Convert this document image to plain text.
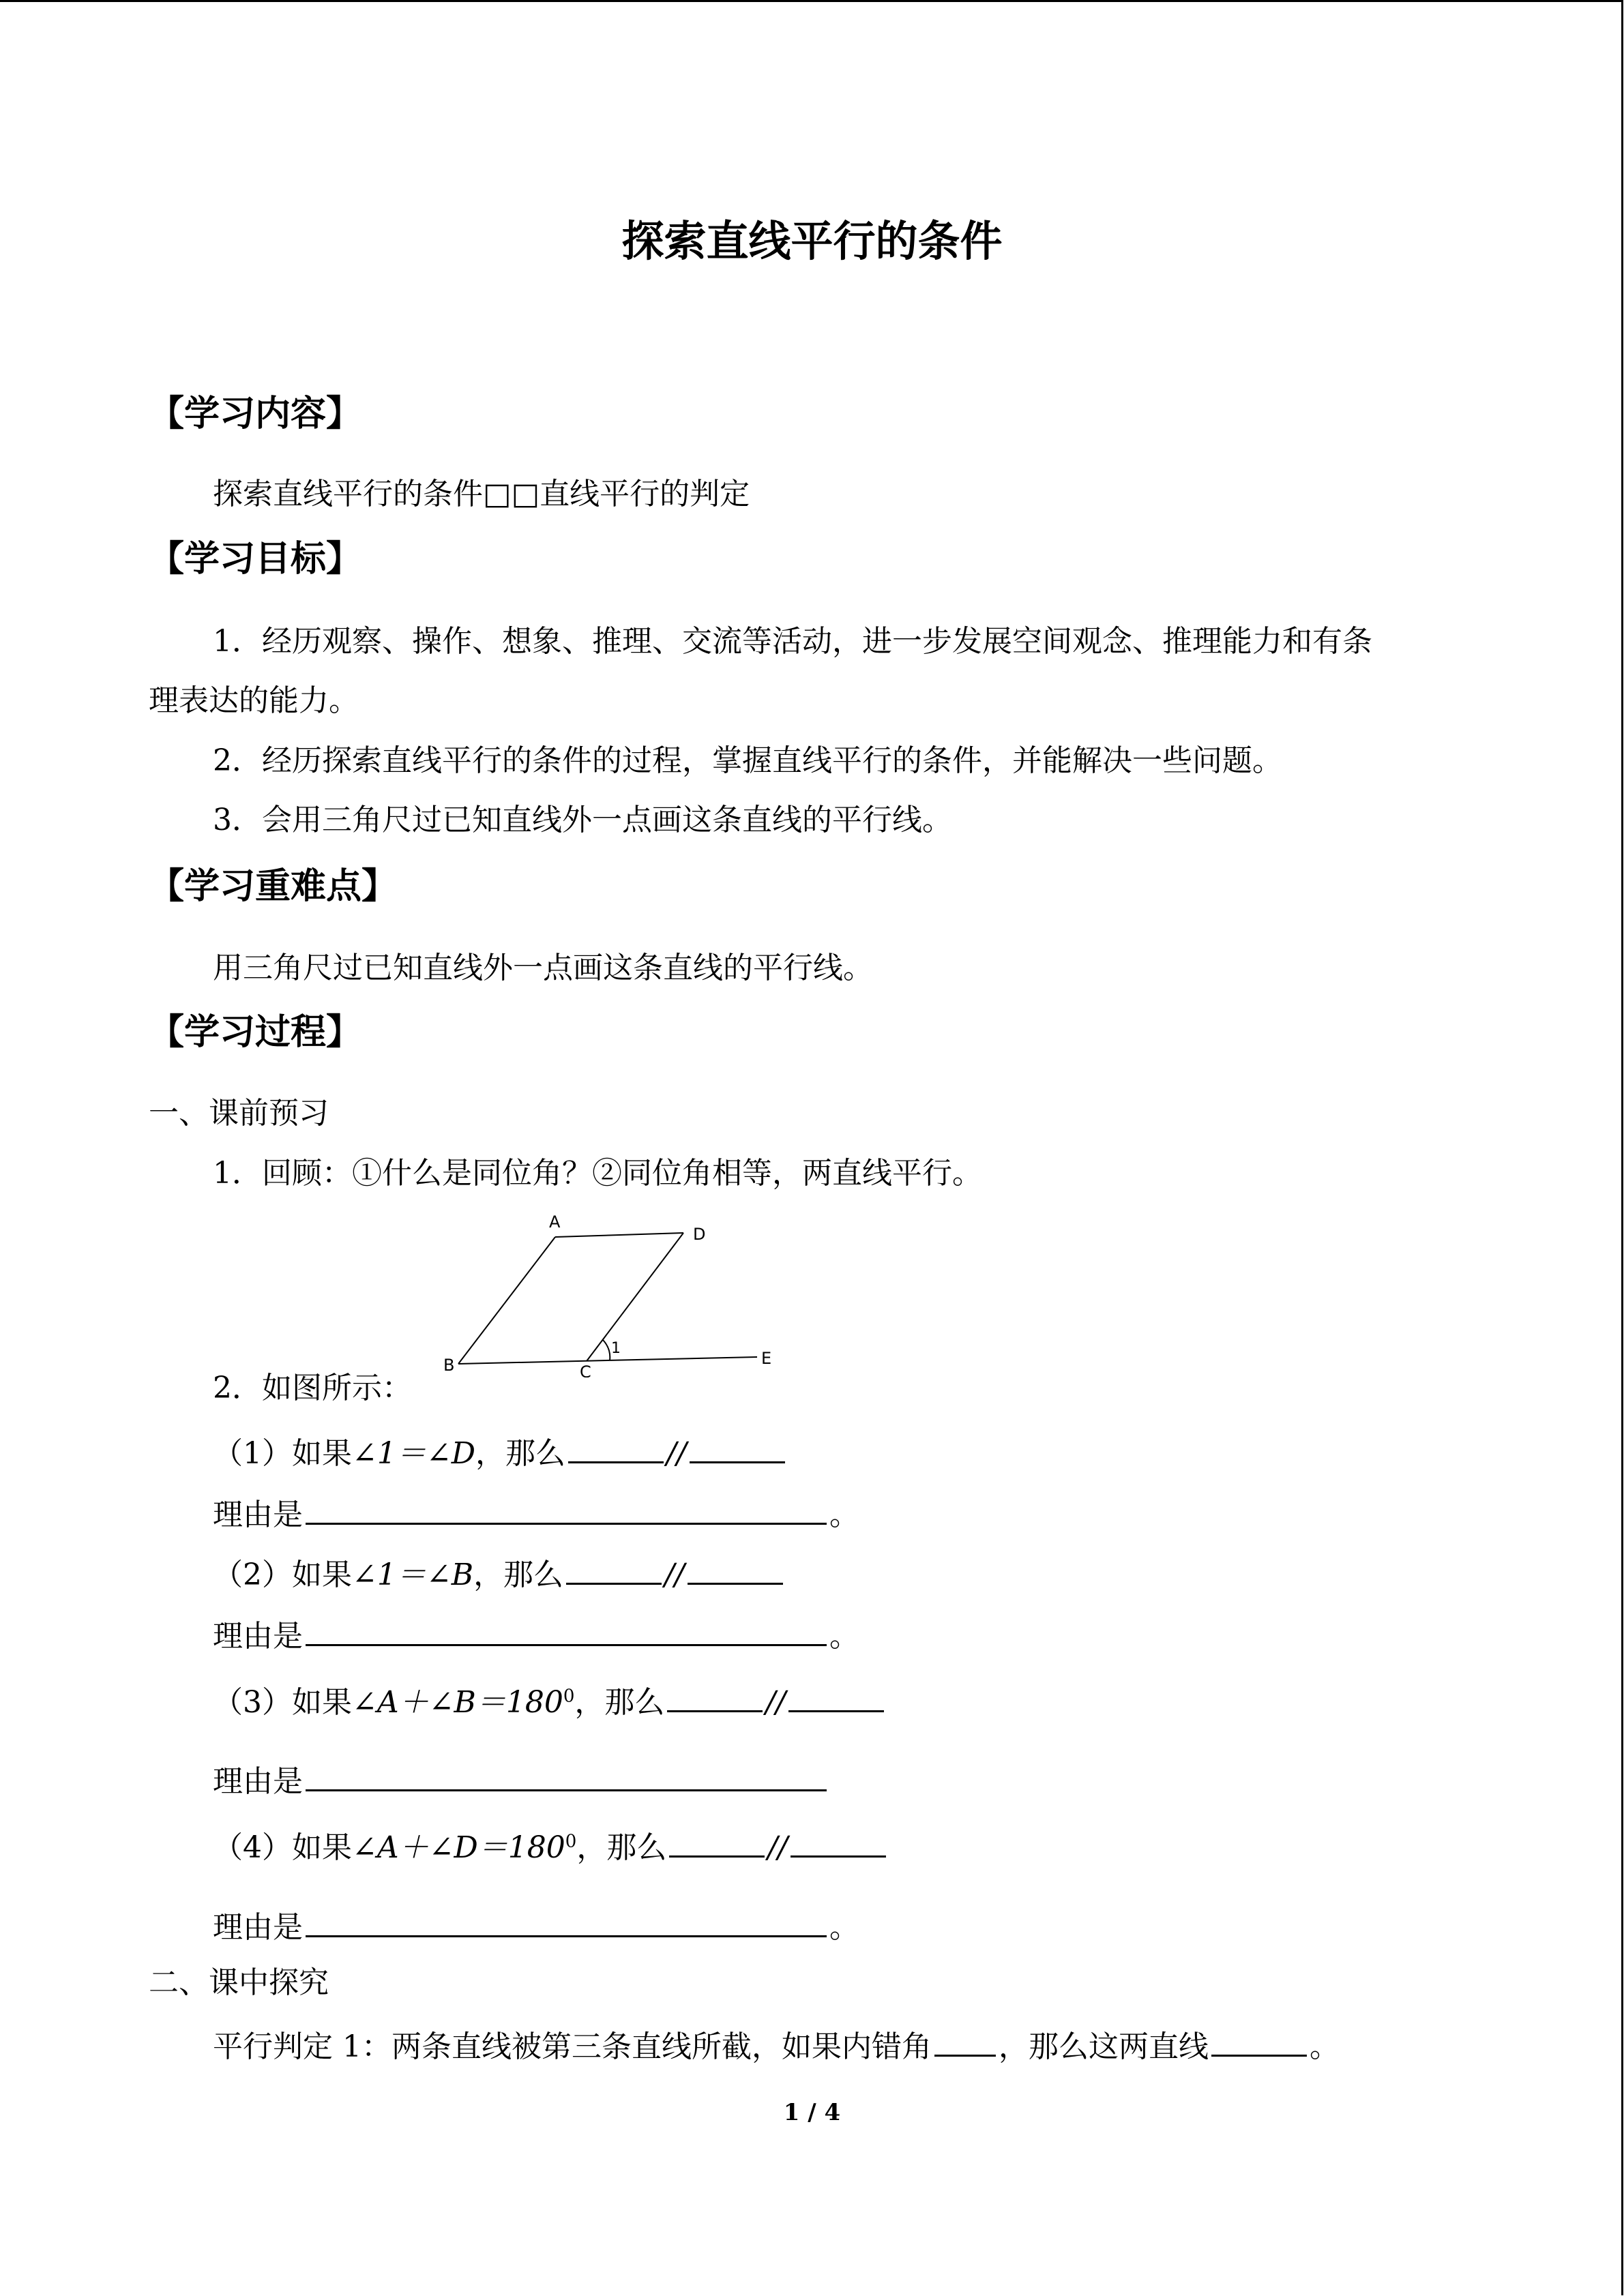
探索直线平行的条件
【学习内容】
探索直线平行的条件□□直线平行的判定
【学习目标】
1．经历观察、操作、想象、推理、交流等活动，进一步发展空间观念、推理能力和有条
理表达的能力。
2．经历探索直线平行的条件的过程，掌握直线平行的条件，并能解决一些问题。
3．会用三角尺过已知直线外一点画这条直线的平行线。
【学习重难点】
用三角尺过已知直线外一点画这条直线的平行线。
【学习过程】
一、课前预习
1．回顾：①什么是同位角？②同位角相等，两直线平行。
A
D
B	C
E
1
2．如图所示：
（1）如果∠1＝∠D，那么	//
理由是	。
（2）如果∠1＝∠B，那么	//
理由是	。
（3）如果$\angle A+\angle B=180^0$，那么	//
理由是
（4）如果$\angle A+\angle D=180^0$，那么	//
理由是	。
二、课中探究
平行判定 1：两条直线被第三条直线所截，如果内错角 ，那么这两直线	。
1 / 4
